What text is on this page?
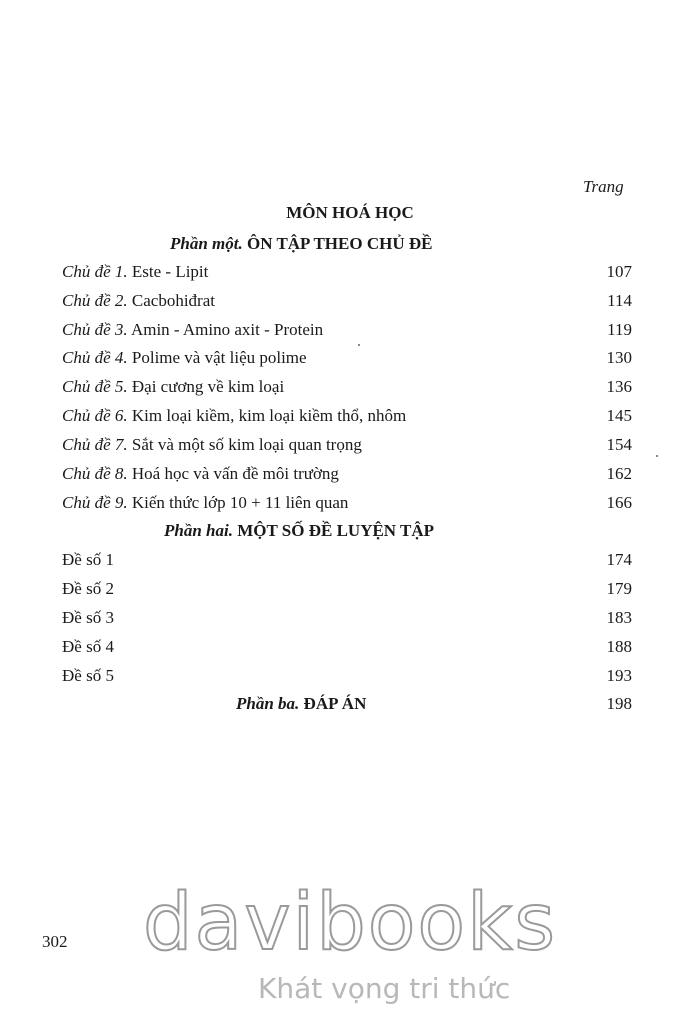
Trang
MÔN HOÁ HỌC
Phần một. ÔN TẬP THEO CHỦ ĐỀ
Chủ đề 1. Este - Lipit	107
Chủ đề 2. Cacbohiđrat	114
Chủ đề 3. Amin - Amino axit - Protein	119
Chủ đề 4. Polime và vật liệu polime	130
Chủ đề 5. Đại cương về kim loại	136
Chủ đề 6. Kim loại kiềm, kim loại kiềm thổ, nhôm	145
Chủ đề 7. Sắt và một số kim loại quan trọng	154
Chủ đề 8. Hoá học và vấn đề môi trường	162
Chủ đề 9. Kiến thức lớp 10 + 11 liên quan	166
Phần hai. MỘT SỐ ĐỀ LUYỆN TẬP
Đề số 1	174
Đề số 2	179
Đề số 3	183
Đề số 4	188
Đề số 5	193
Phần ba. ĐÁP ÁN	198
302 davibooks
Khát vọng tri thức
